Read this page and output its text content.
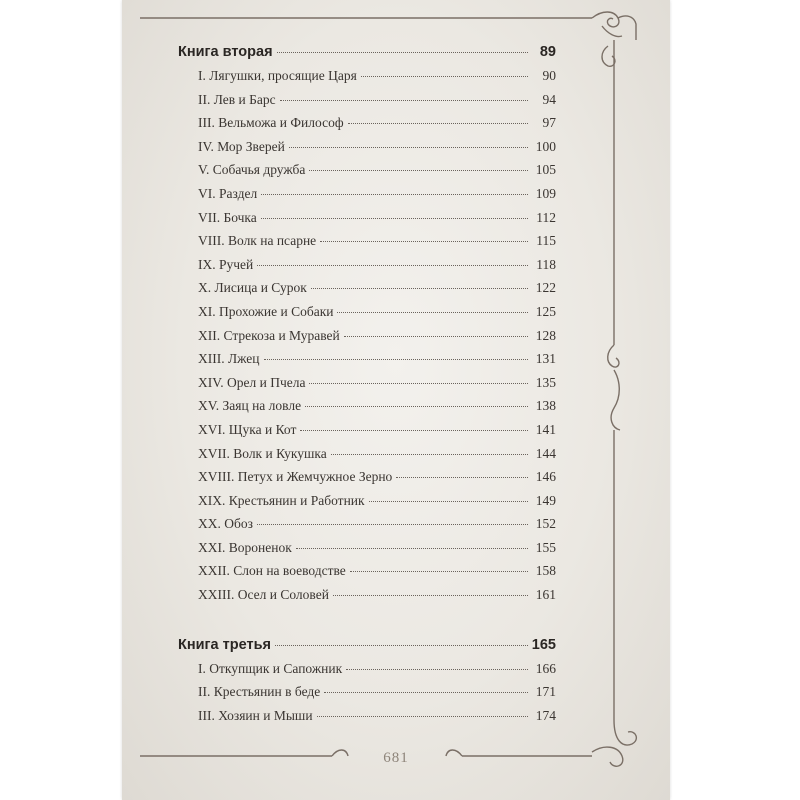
Книга вторая	89
I. Лягушки, просящие Царя	90
II. Лев и Барс	94
III. Вельможа и Философ	97
IV. Мор Зверей	100
V. Собачья дружба	105
VI. Раздел	109
VII. Бочка	112
VIII. Волк на псарне	115
IX. Ручей	118
X. Лисица и Сурок	122
XI. Прохожие и Собаки	125
XII. Стрекоза и Муравей	128
XIII. Лжец	131
XIV. Орел и Пчела	135
XV. Заяц на ловле	138
XVI. Щука и Кот	141
XVII. Волк и Кукушка	144
XVIII. Петух и Жемчужное Зерно	146
XIX. Крестьянин и Работник	149
XX. Обоз	152
XXI. Вороненок	155
XXII. Слон на воеводстве	158
XXIII. Осел и Соловей	161
Книга третья	165
I. Откупщик и Сапожник	166
II. Крестьянин в беде	171
III. Хозяин и Мыши	174
681
